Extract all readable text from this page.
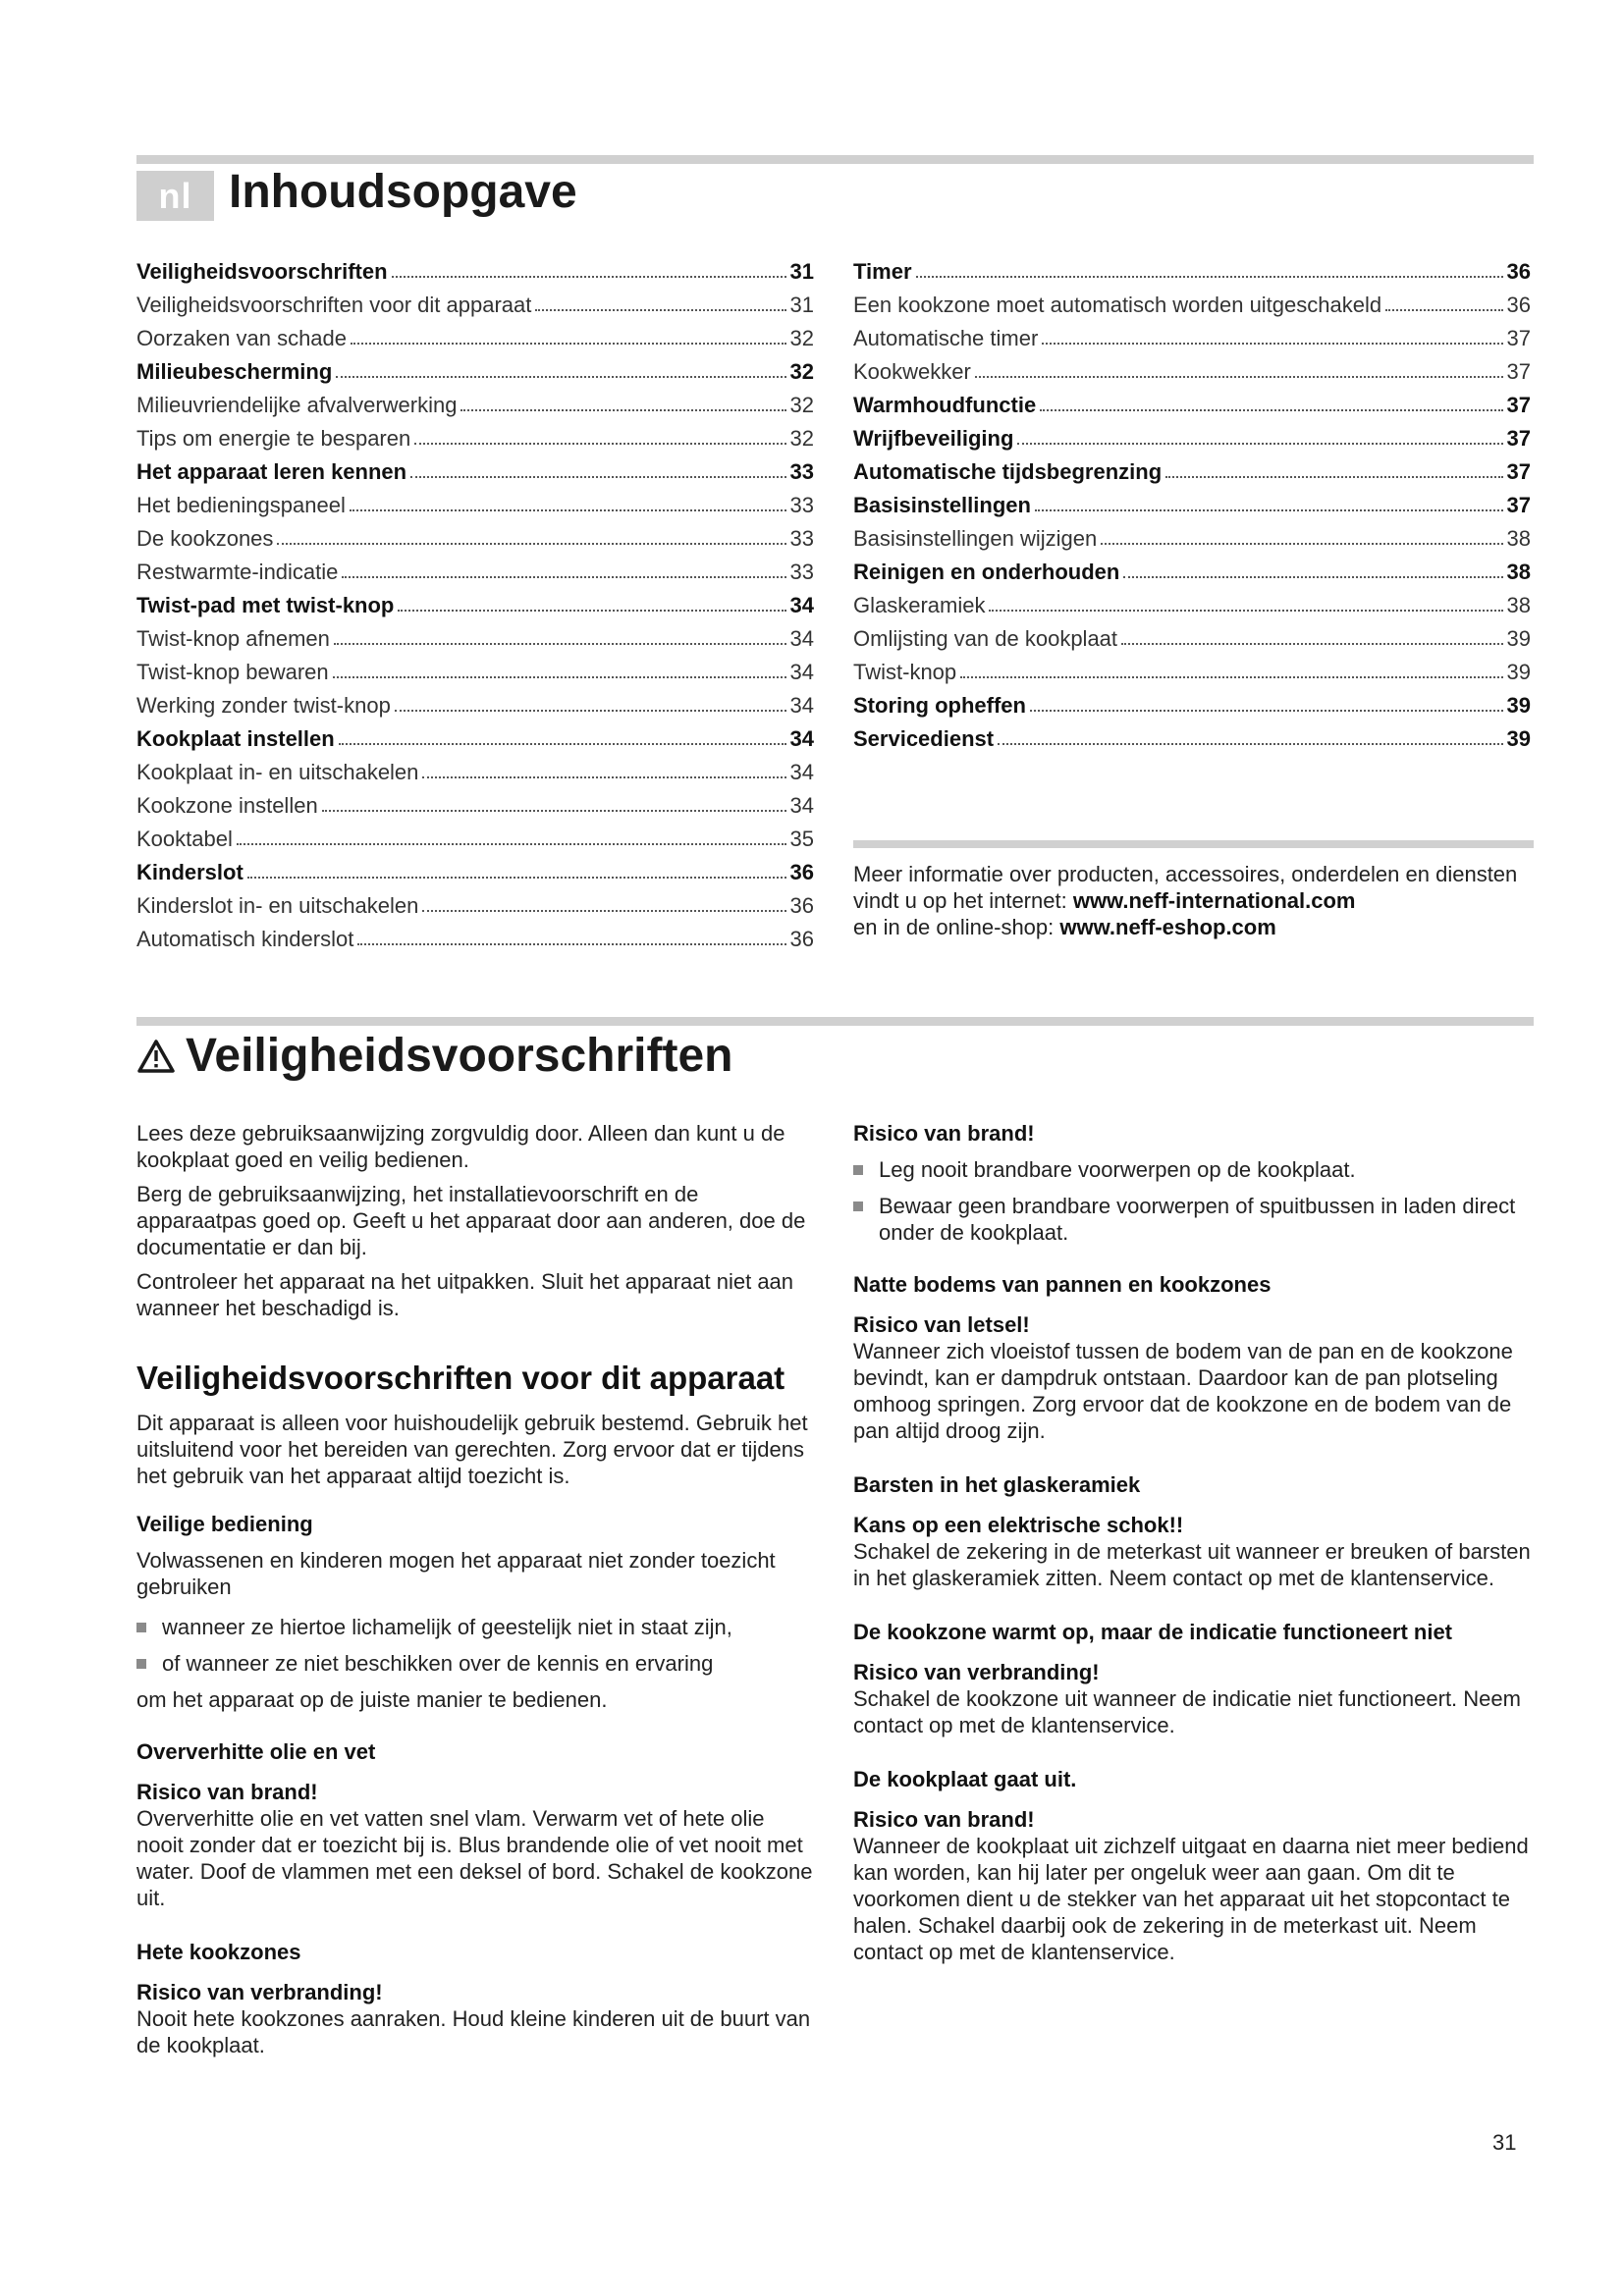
nl Inhoudsopgave
Veiligheidsvoorschriften	31
Veiligheidsvoorschriften voor dit apparaat	31
Oorzaken van schade	32
Milieubescherming	32
Milieuvriendelijke afvalverwerking	32
Tips om energie te besparen	32
Het apparaat leren kennen	33
Het bedieningspaneel	33
De kookzones	33
Restwarmte-indicatie	33
Twist-pad met twist-knop	34
Twist-knop afnemen	34
Twist-knop bewaren	34
Werking zonder twist-knop	34
Kookplaat instellen	34
Kookplaat in- en uitschakelen	34
Kookzone instellen	34
Kooktabel	35
Kinderslot	36
Kinderslot in- en uitschakelen	36
Automatisch kinderslot	36
Timer	36
Een kookzone moet automatisch worden uitgeschakeld	36
Automatische timer	37
Kookwekker	37
Warmhoudfunctie	37
Wrijfbeveiliging	37
Automatische tijdsbegrenzing	37
Basisinstellingen	37
Basisinstellingen wijzigen	38
Reinigen en onderhouden	38
Glaskeramiek	38
Omlijsting van de kookplaat	39
Twist-knop	39
Storing opheffen	39
Servicedienst	39
Meer informatie over producten, accessoires, onderdelen en diensten vindt u op het internet: www.neff-international.com
en in de online-shop: www.neff-eshop.com
Veiligheidsvoorschriften

Lees deze gebruiksaanwijzing zorgvuldig door. Alleen dan kunt u de kookplaat goed en veilig bedienen.

Berg de gebruiksaanwijzing, het installatievoorschrift en de apparaatpas goed op. Geeft u het apparaat door aan anderen, doe de documentatie er dan bij.

Controleer het apparaat na het uitpakken. Sluit het apparaat niet aan wanneer het beschadigd is.

Veiligheidsvoorschriften voor dit apparaat

Dit apparaat is alleen voor huishoudelijk gebruik bestemd. Gebruik het uitsluitend voor het bereiden van gerechten. Zorg ervoor dat er tijdens het gebruik van het apparaat altijd toezicht is.

Veilige bediening

Volwassenen en kinderen mogen het apparaat niet zonder toezicht gebruiken

wanneer ze hiertoe lichamelijk of geestelijk niet in staat zijn,
of wanneer ze niet beschikken over de kennis en ervaring

om het apparaat op de juiste manier te bedienen.

Oververhitte olie en vet
Risico van brand!

Oververhitte olie en vet vatten snel vlam. Verwarm vet of hete olie nooit zonder dat er toezicht bij is. Blus brandende olie of vet nooit met water. Doof de vlammen met een deksel of bord. Schakel de kookzone uit.

Hete kookzones
Risico van verbranding!

Nooit hete kookzones aanraken. Houd kleine kinderen uit de buurt van de kookplaat.

Risico van brand!
Leg nooit brandbare voorwerpen op de kookplaat.
Bewaar geen brandbare voorwerpen of spuitbussen in laden direct onder de kookplaat.
Natte bodems van pannen en kookzones
Risico van letsel!

Wanneer zich vloeistof tussen de bodem van de pan en de kookzone bevindt, kan er dampdruk ontstaan. Daardoor kan de pan plotseling omhoog springen. Zorg ervoor dat de kookzone en de bodem van de pan altijd droog zijn.

Barsten in het glaskeramiek
Kans op een elektrische schok!!

Schakel de zekering in de meterkast uit wanneer er breuken of barsten in het glaskeramiek zitten. Neem contact op met de klantenservice.

De kookzone warmt op, maar de indicatie functioneert niet
Risico van verbranding!

Schakel de kookzone uit wanneer de indicatie niet functioneert. Neem contact op met de klantenservice.

De kookplaat gaat uit.
Risico van brand!

Wanneer de kookplaat uit zichzelf uitgaat en daarna niet meer bediend kan worden, kan hij later per ongeluk weer aan gaan. Om dit te voorkomen dient u de stekker van het apparaat uit het stopcontact te halen. Schakel daarbij ook de zekering in de meterkast uit. Neem contact op met de klantenservice.

31
